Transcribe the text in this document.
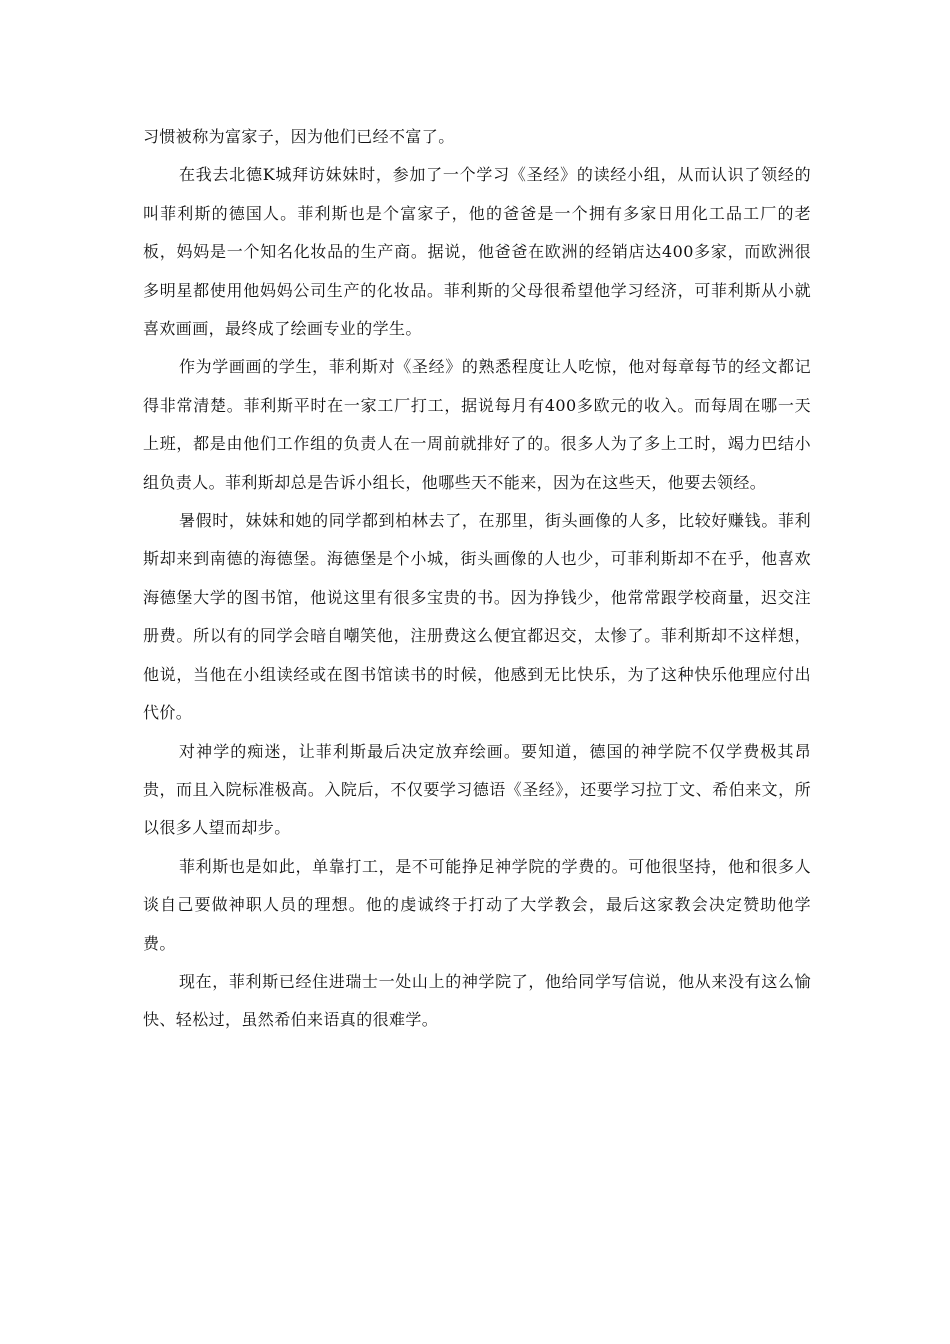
习惯被称为富家子，因为他们已经不富了。

在我去北德K城拜访妹妹时，参加了一个学习《圣经》的读经小组，从而认识了领经的叫菲利斯的德国人。菲利斯也是个富家子，他的爸爸是一个拥有多家日用化工品工厂的老板，妈妈是一个知名化妆品的生产商。据说，他爸爸在欧洲的经销店达400多家，而欧洲很多明星都使用他妈妈公司生产的化妆品。菲利斯的父母很希望他学习经济，可菲利斯从小就喜欢画画，最终成了绘画专业的学生。

作为学画画的学生，菲利斯对《圣经》的熟悉程度让人吃惊，他对每章每节的经文都记得非常清楚。菲利斯平时在一家工厂打工，据说每月有400多欧元的收入。而每周在哪一天上班，都是由他们工作组的负责人在一周前就排好了的。很多人为了多上工时，竭力巴结小组负责人。菲利斯却总是告诉小组长，他哪些天不能来，因为在这些天，他要去领经。

暑假时，妹妹和她的同学都到柏林去了，在那里，街头画像的人多，比较好赚钱。菲利斯却来到南德的海德堡。海德堡是个小城，街头画像的人也少，可菲利斯却不在乎，他喜欢海德堡大学的图书馆，他说这里有很多宝贵的书。因为挣钱少，他常常跟学校商量，迟交注册费。所以有的同学会暗自嘲笑他，注册费这么便宜都迟交，太惨了。菲利斯却不这样想，他说，当他在小组读经或在图书馆读书的时候，他感到无比快乐，为了这种快乐他理应付出代价。

对神学的痴迷，让菲利斯最后决定放弃绘画。要知道，德国的神学院不仅学费极其昂贵，而且入院标准极高。入院后，不仅要学习德语《圣经》，还要学习拉丁文、希伯来文，所以很多人望而却步。

菲利斯也是如此，单靠打工，是不可能挣足神学院的学费的。可他很坚持，他和很多人谈自己要做神职人员的理想。他的虔诚终于打动了大学教会，最后这家教会决定赞助他学费。

现在，菲利斯已经住进瑞士一处山上的神学院了，他给同学写信说，他从来没有这么愉快、轻松过，虽然希伯来语真的很难学。
